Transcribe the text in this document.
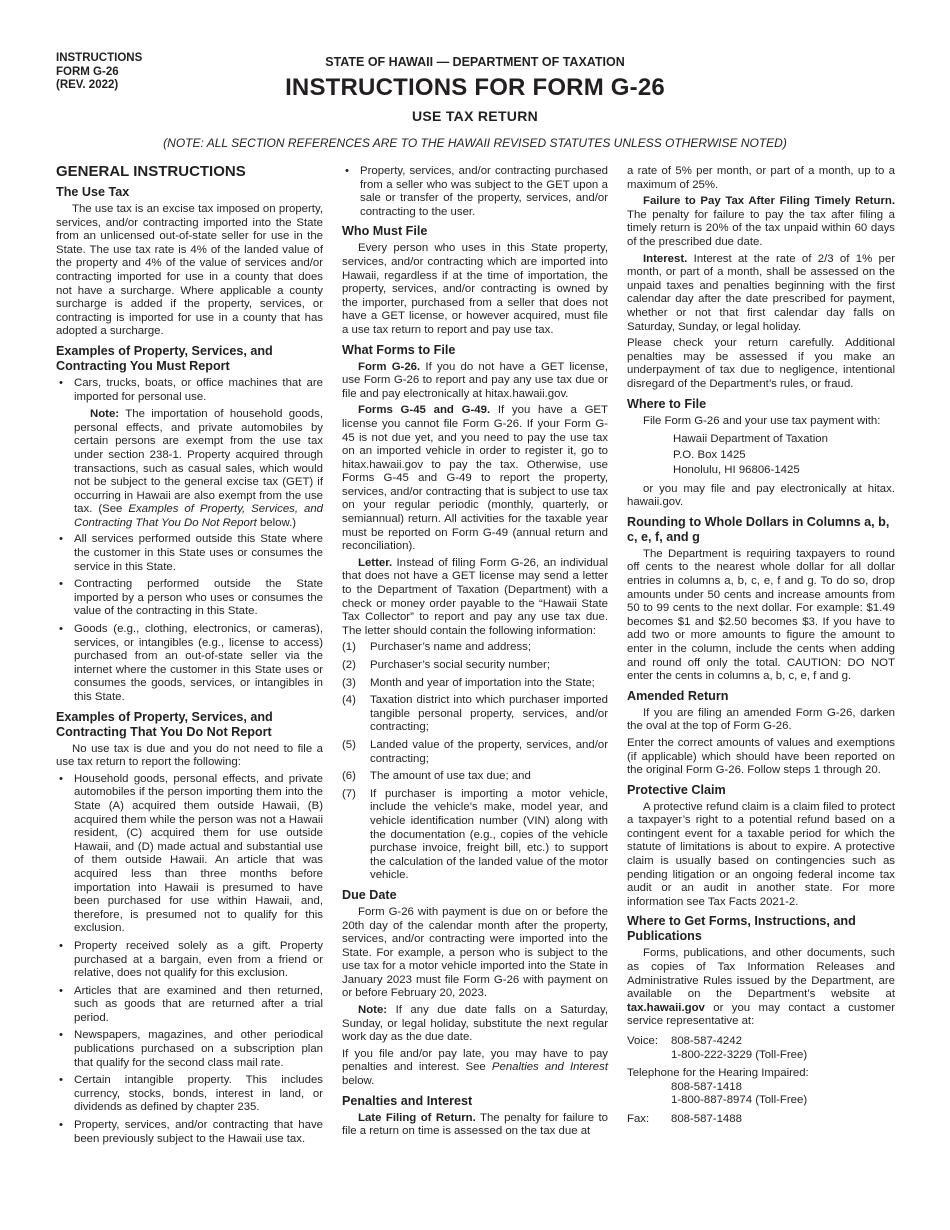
INSTRUCTIONS
FORM G-26
(REV. 2022)
STATE OF HAWAII — DEPARTMENT OF TAXATION
INSTRUCTIONS FOR FORM G-26
USE TAX RETURN
(NOTE: ALL SECTION REFERENCES ARE TO THE HAWAII REVISED STATUTES UNLESS OTHERWISE NOTED)
GENERAL INSTRUCTIONS
The Use Tax

The use tax is an excise tax imposed on property, services, and/or contracting imported into the State from an unlicensed out-of-state seller for use in the State. The use tax rate is 4% of the landed value of the property and 4% of the value of services and/or contracting imported for use in a county that does not have a surcharge. Where applicable a county surcharge is added if the property, services, or contracting is imported for use in a county that has adopted a surcharge.

Examples of Property, Services, and Contracting You Must Report
• Cars, trucks, boats, or office machines that are imported for personal use.

Note: The importation of household goods, personal effects, and private automobiles by certain persons are exempt from the use tax under section 238-1. Property acquired through transactions, such as casual sales, which would not be subject to the general excise tax (GET) if occurring in Hawaii are also exempt from the use tax. (See Examples of Property, Services, and Contracting That You Do Not Report below.)

• All services performed outside this State where the customer in this State uses or consumes the service in this State.
• Contracting performed outside the State imported by a person who uses or consumes the value of the contracting in this State.
• Goods (e.g., clothing, electronics, or cameras), services, or intangibles (e.g., license to access) purchased from an out-of-state seller via the internet where the customer in this State uses or consumes the goods, services, or intangibles in this State.
Examples of Property, Services, and Contracting That You Do Not Report

No use tax is due and you do not need to file a use tax return to report the following:

• Household goods, personal effects, and private automobiles if the person importing them into the State (A) acquired them outside Hawaii, (B) acquired them while the person was not a Hawaii resident, (C) acquired them for use outside Hawaii, and (D) made actual and substantial use of them outside Hawaii. An article that was acquired less than three months before importation into Hawaii is presumed to have been purchased for use within Hawaii, and, therefore, is presumed not to qualify for this exclusion.
• Property received solely as a gift. Property purchased at a bargain, even from a friend or relative, does not qualify for this exclusion.
• Articles that are examined and then returned, such as goods that are returned after a trial period.
• Newspapers, magazines, and other periodical publications purchased on a subscription plan that qualify for the second class mail rate.
• Certain intangible property. This includes currency, stocks, bonds, interest in land, or dividends as defined by chapter 235.
• Property, services, and/or contracting that have been previously subject to the Hawaii use tax.
• Property, services, and/or contracting purchased from a seller who was subject to the GET upon a sale or transfer of the property, services, and/or contracting to the user.
Who Must File

Every person who uses in this State property, services, and/or contracting which are imported into Hawaii, regardless if at the time of importation, the property, services, and/or contracting is owned by the importer, purchased from a seller that does not have a GET license, or however acquired, must file a use tax return to report and pay use tax.

What Forms to File

Form G-26. If you do not have a GET license, use Form G-26 to report and pay any use tax due or file and pay electronically at hitax.hawaii.gov.

Forms G-45 and G-49. If you have a GET license you cannot file Form G-26. If your Form G-45 is not due yet, and you need to pay the use tax on an imported vehicle in order to register it, go to hitax.hawaii.gov to pay the tax. Otherwise, use Forms G-45 and G-49 to report the property, services, and/or contracting that is subject to use tax on your regular periodic (monthly, quarterly, or semiannual) return. All activities for the taxable year must be reported on Form G-49 (annual return and reconciliation).

Letter. Instead of filing Form G-26, an individual that does not have a GET license may send a letter to the Department of Taxation (Department) with a check or money order payable to the “Hawaii State Tax Collector” to report and pay any use tax due. The letter should contain the following information:

(1) Purchaser’s name and address;
(2) Purchaser’s social security number;
(3) Month and year of importation into the State;
(4) Taxation district into which purchaser imported tangible personal property, services, and/or contracting;
(5) Landed value of the property, services, and/or contracting;
(6) The amount of use tax due; and
(7) If purchaser is importing a motor vehicle, include the vehicle’s make, model year, and vehicle identification number (VIN) along with the documentation (e.g., copies of the vehicle purchase invoice, freight bill, etc.) to support the calculation of the landed value of the motor vehicle.
Due Date

Form G-26 with payment is due on or before the 20th day of the calendar month after the property, services, and/or contracting were imported into the State. For example, a person who is subject to the use tax for a motor vehicle imported into the State in January 2023 must file Form G-26 with payment on or before February 20, 2023.

Note: If any due date falls on a Saturday, Sunday, or legal holiday, substitute the next regular work day as the due date.

If you file and/or pay late, you may have to pay penalties and interest. See Penalties and Interest below.

Penalties and Interest

Late Filing of Return. The penalty for failure to file a return on time is assessed on the tax due at

a rate of 5% per month, or part of a month, up to a maximum of 25%.

Failure to Pay Tax After Filing Timely Return. The penalty for failure to pay the tax after filing a timely return is 20% of the tax unpaid within 60 days of the prescribed due date.

Interest. Interest at the rate of 2/3 of 1% per month, or part of a month, shall be assessed on the unpaid taxes and penalties beginning with the first calendar day after the date prescribed for payment, whether or not that first calendar day falls on Saturday, Sunday, or legal holiday.

Please check your return carefully. Additional penalties may be assessed if you make an underpayment of tax due to negligence, intentional disregard of the Department’s rules, or fraud.

Where to File

File Form G-26 and your use tax payment with:

Hawaii Department of Taxation
P.O. Box 1425
Honolulu, HI 96806-1425

or you may file and pay electronically at hitax. hawaii.gov.

Rounding to Whole Dollars in Columns a, b, c, e, f, and g

The Department is requiring taxpayers to round off cents to the nearest whole dollar for all dollar entries in columns a, b, c, e, f and g. To do so, drop amounts under 50 cents and increase amounts from 50 to 99 cents to the next dollar. For example: $1.49 becomes $1 and $2.50 becomes $3. If you have to add two or more amounts to figure the amount to enter in the column, include the cents when adding and round off only the total. CAUTION: DO NOT enter the cents in columns a, b, c, e, f and g.

Amended Return

If you are filing an amended Form G-26, darken the oval at the top of Form G-26.

Enter the correct amounts of values and exemptions (if applicable) which should have been reported on the original Form G-26. Follow steps 1 through 20.

Protective Claim

A protective refund claim is a claim filed to protect a taxpayer’s right to a potential refund based on a contingent event for a taxable period for which the statute of limitations is about to expire. A protective claim is usually based on contingencies such as pending litigation or an ongoing federal income tax audit or an audit in another state. For more information see Tax Facts 2021-2.

Where to Get Forms, Instructions, and Publications

Forms, publications, and other documents, such as copies of Tax Information Releases and Administrative Rules issued by the Department, are available on the Department’s website at tax.hawaii.gov or you may contact a customer service representative at:

Voice:	808-587-4242
1-800-222-3229 (Toll-Free)
Telephone for the Hearing Impaired:
808-587-1418
1-800-887-8974 (Toll-Free)
Fax:	808-587-1488
